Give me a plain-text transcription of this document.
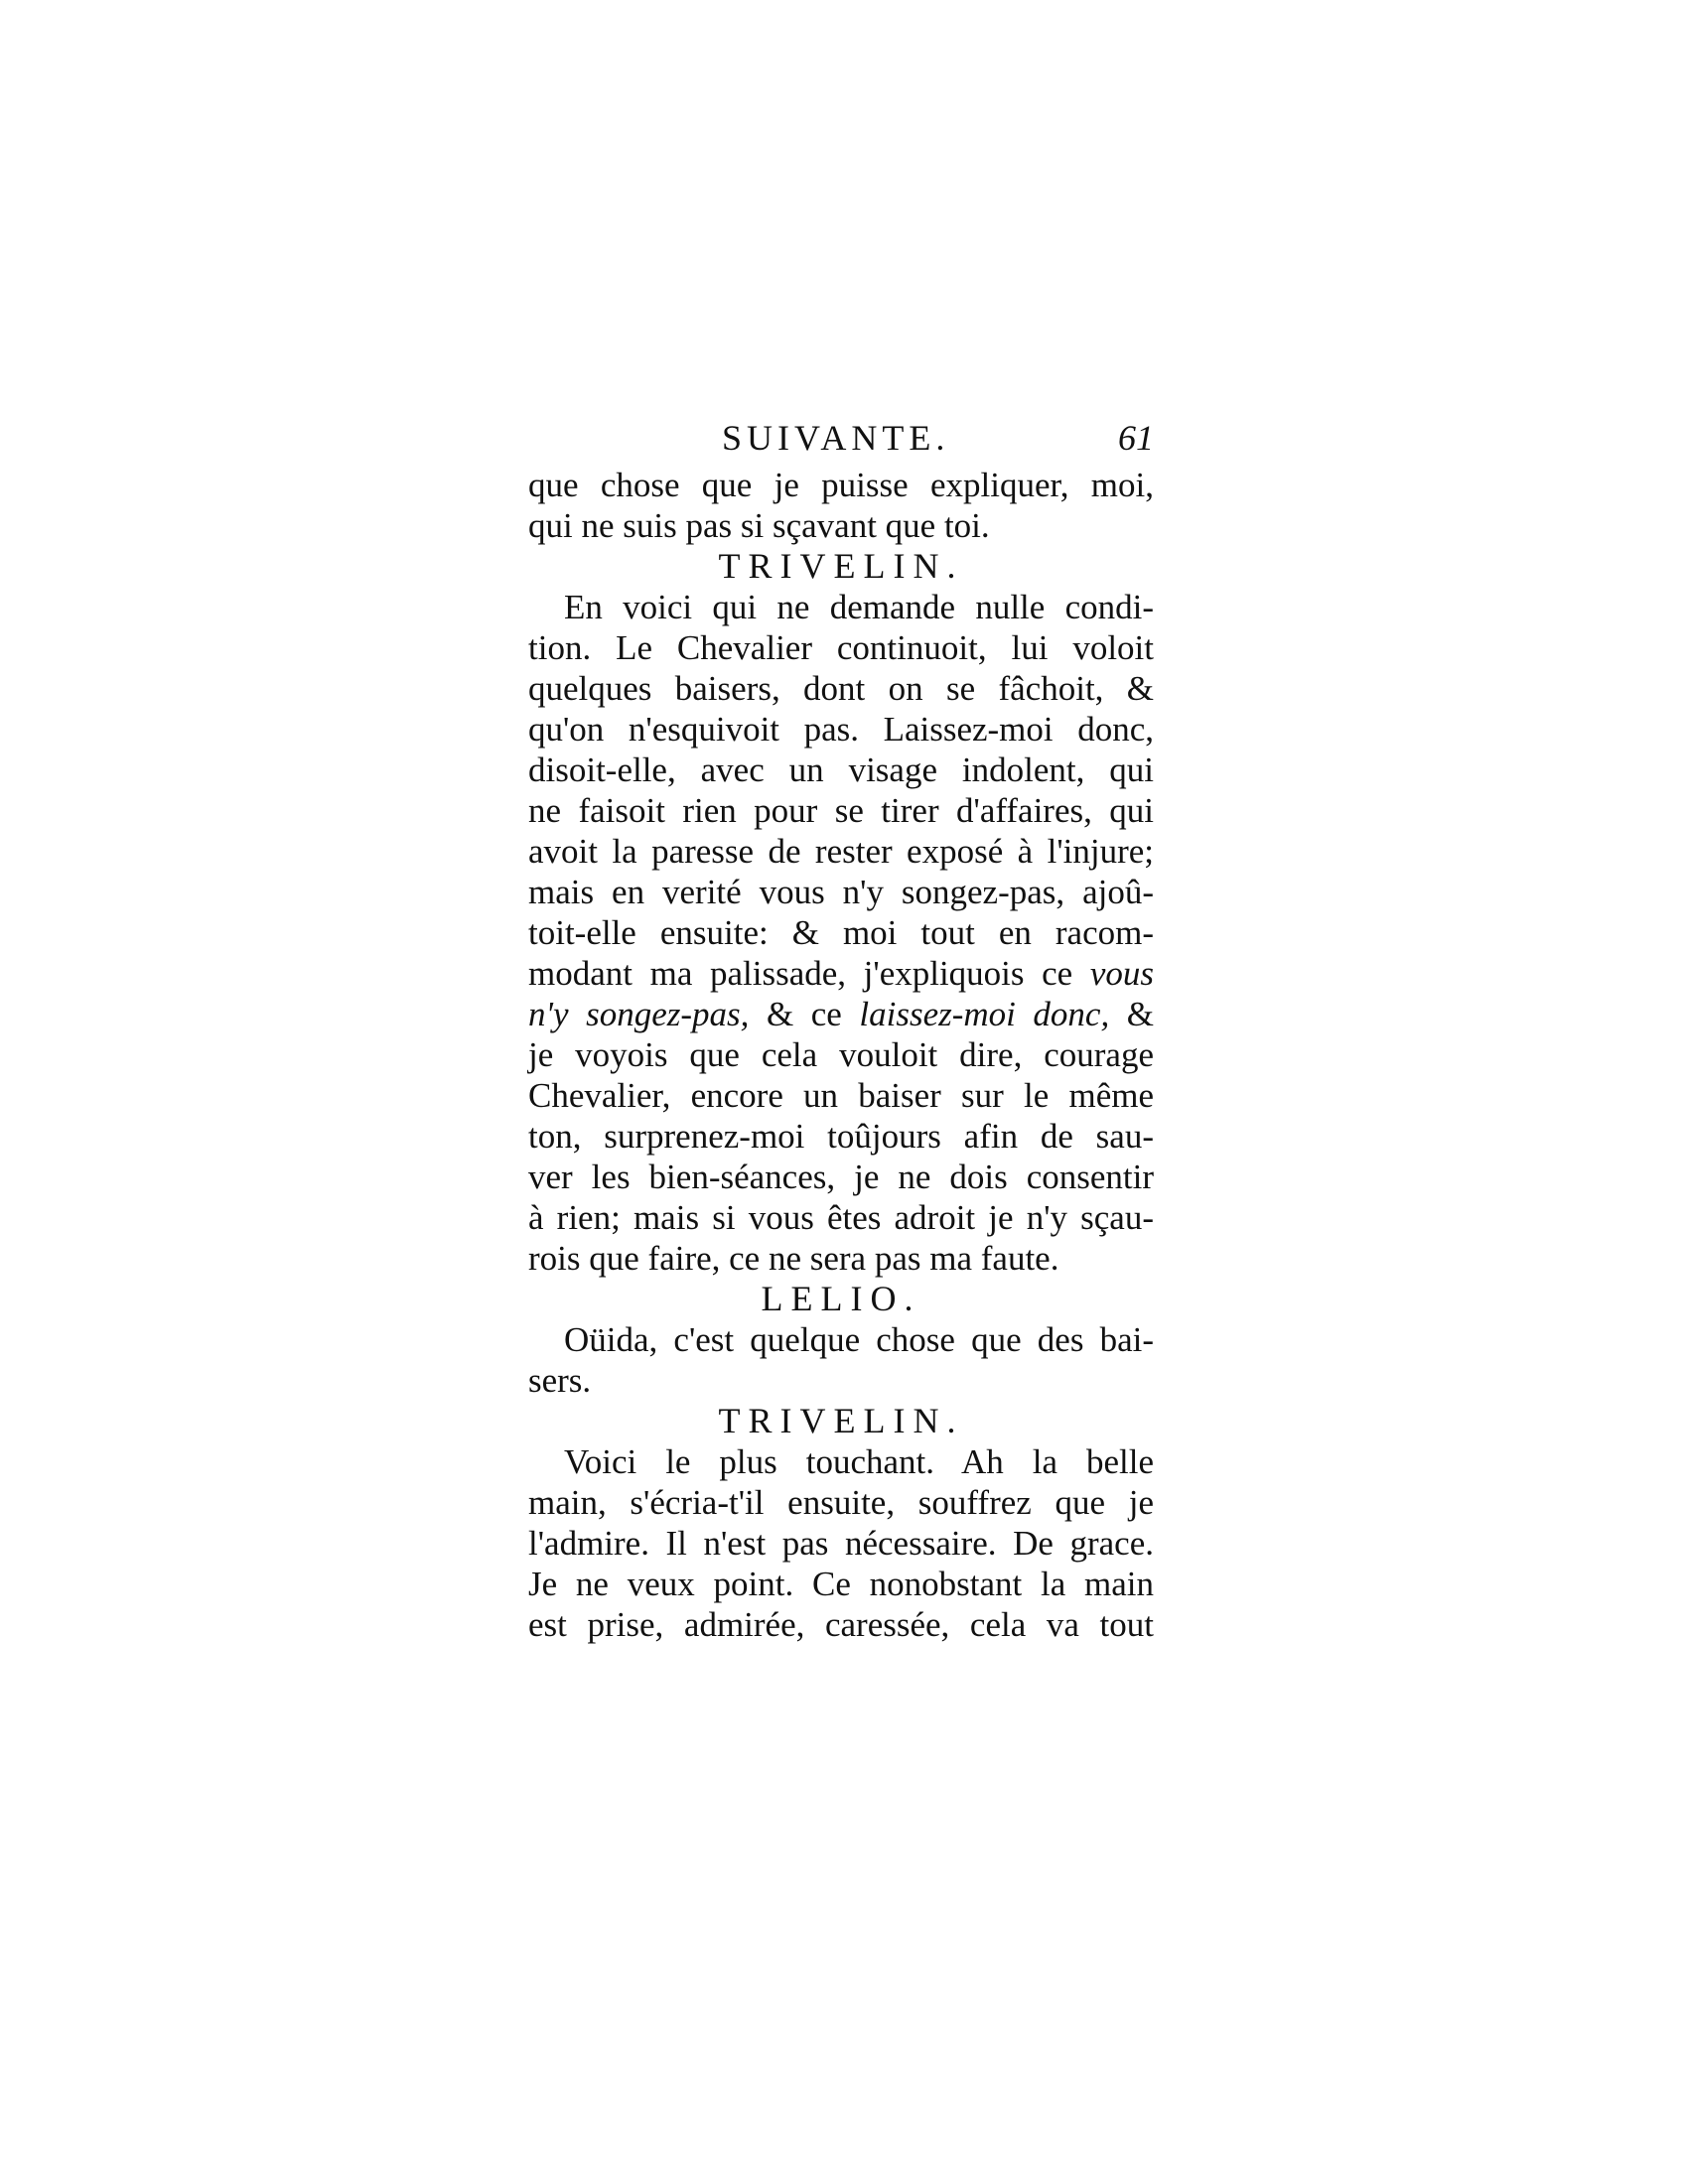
SUIVANTE.	61
que chose que je puisse expliquer, moi,
qui ne suis pas si sçavant que toi.
TRIVELIN.
En voici qui ne demande nulle condi-
tion. Le Chevalier continuoit, lui voloit
quelques baisers, dont on se fâchoit, &
qu'on n'esquivoit pas. Laissez-moi donc,
disoit-elle, avec un visage indolent, qui
ne faisoit rien pour se tirer d'affaires, qui
avoit la paresse de rester exposé à l'injure;
mais en verité vous n'y songez-pas, ajoû-
toit-elle ensuite: & moi tout en racom-
modant ma palissade, j'expliquois ce vous
n'y songez-pas, & ce laissez-moi donc, &
je voyois que cela vouloit dire, courage
Chevalier, encore un baiser sur le même
ton, surprenez-moi toûjours afin de sau-
ver les bien-séances, je ne dois consentir
à rien; mais si vous êtes adroit je n'y sçau-
rois que faire, ce ne sera pas ma faute.
LELIO.
Oüida, c'est quelque chose que des bai-
sers.
TRIVELIN.
Voici le plus touchant. Ah la belle
main, s'écria-t'il ensuite, souffrez que je
l'admire. Il n'est pas nécessaire. De grace.
Je ne veux point. Ce nonobstant la main
est prise, admirée, caressée, cela va tout
